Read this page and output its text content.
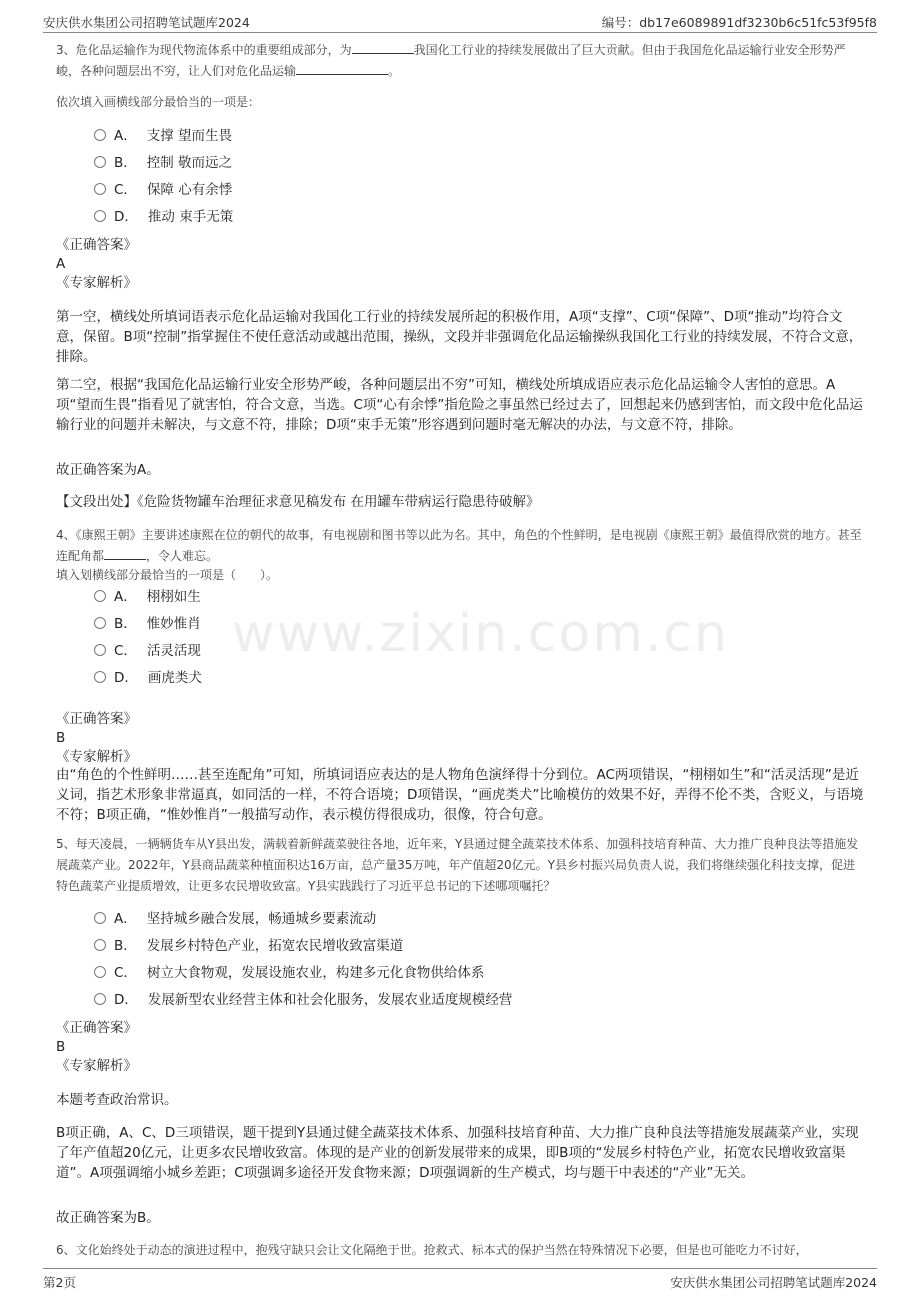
安庆供水集团公司招聘笔试题库2024	编号：db17e6089891df3230b6c51fc53f95f8
www.zixin.com.cn

3、危化品运输作为现代物流体系中的重要组成部分，为	我国化工行业的持续发展做出了巨大贡献。但由于我国危化品运输行业安全形势严峻，各种问题层出不穷，让人们对危化品运输	。

依次填入画横线部分最恰当的一项是：

A． 支撑 望而生畏
B． 控制 敬而远之
C． 保障 心有余悸
D． 推动 束手无策

《正确答案》

A

《专家解析》

第一空，横线处所填词语表示危化品运输对我国化工行业的持续发展所起的积极作用，A项“支撑”、C项“保障”、D项“推动”均符合文意，保留。B项“控制”指掌握住不使任意活动或越出范围，操纵，文段并非强调危化品运输操纵我国化工行业的持续发展，不符合文意，排除。

第二空，根据“我国危化品运输行业安全形势严峻，各种问题层出不穷”可知，横线处所填成语应表示危化品运输令人害怕的意思。A项“望而生畏”指看见了就害怕，符合文意，当选。C项“心有余悸”指危险之事虽然已经过去了，回想起来仍感到害怕，而文段中危化品运输行业的问题并未解决，与文意不符，排除；D项“束手无策”形容遇到问题时毫无解决的办法，与文意不符，排除。

故正确答案为A。

【文段出处】《危险货物罐车治理征求意见稿发布 在用罐车带病运行隐患待破解》

4、《康熙王朝》主要讲述康熙在位的朝代的故事，有电视剧和图书等以此为名。其中，角色的个性鲜明，是电视剧《康熙王朝》最值得欣赏的地方。甚至连配角都	，令人难忘。

填入划横线部分最恰当的一项是（　　）。

A． 栩栩如生
B． 惟妙惟肖
C． 活灵活现
D． 画虎类犬

《正确答案》

B

《专家解析》

由“角色的个性鲜明……甚至连配角”可知，所填词语应表达的是人物角色演绎得十分到位。AC两项错误，“栩栩如生”和“活灵活现”是近义词，指艺术形象非常逼真，如同活的一样，不符合语境；D项错误，“画虎类犬”比喻模仿的效果不好，弄得不伦不类，含贬义，与语境不符；B项正确，“惟妙惟肖”一般描写动作，表示模仿得很成功，很像，符合句意。

5、每天凌晨，一辆辆货车从Y县出发，满载着新鲜蔬菜驶往各地，近年来，Y县通过健全蔬菜技术体系、加强科技培育种苗、大力推广良种良法等措施发展蔬菜产业。2022年，Y县商品蔬菜种植面积达16万亩，总产量35万吨，年产值超20亿元。Y县乡村振兴局负责人说，我们将继续强化科技支撑，促进特色蔬菜产业提质增效，让更多农民增收致富。Y县实践践行了习近平总书记的下述哪项嘱托？

A． 坚持城乡融合发展，畅通城乡要素流动
B． 发展乡村特色产业，拓宽农民增收致富渠道
C． 树立大食物观，发展设施农业，构建多元化食物供给体系
D． 发展新型农业经营主体和社会化服务，发展农业适度规模经营

《正确答案》

B

《专家解析》

本题考查政治常识。

B项正确，A、C、D三项错误，题干提到Y县通过健全蔬菜技术体系、加强科技培育种苗、大力推广良种良法等措施发展蔬菜产业，实现了年产值超20亿元，让更多农民增收致富。体现的是产业的创新发展带来的成果，即B项的“发展乡村特色产业，拓宽农民增收致富渠道”。A项强调缩小城乡差距；C项强调多途径开发食物来源；D项强调新的生产模式，均与题干中表述的“产业”无关。

故正确答案为B。

6、文化始终处于动态的演进过程中，抱残守缺只会让文化隔绝于世。抢救式、标本式的保护当然在特殊情况下必要，但是也可能吃力不讨好，

第2页	安庆供水集团公司招聘笔试题库2024
